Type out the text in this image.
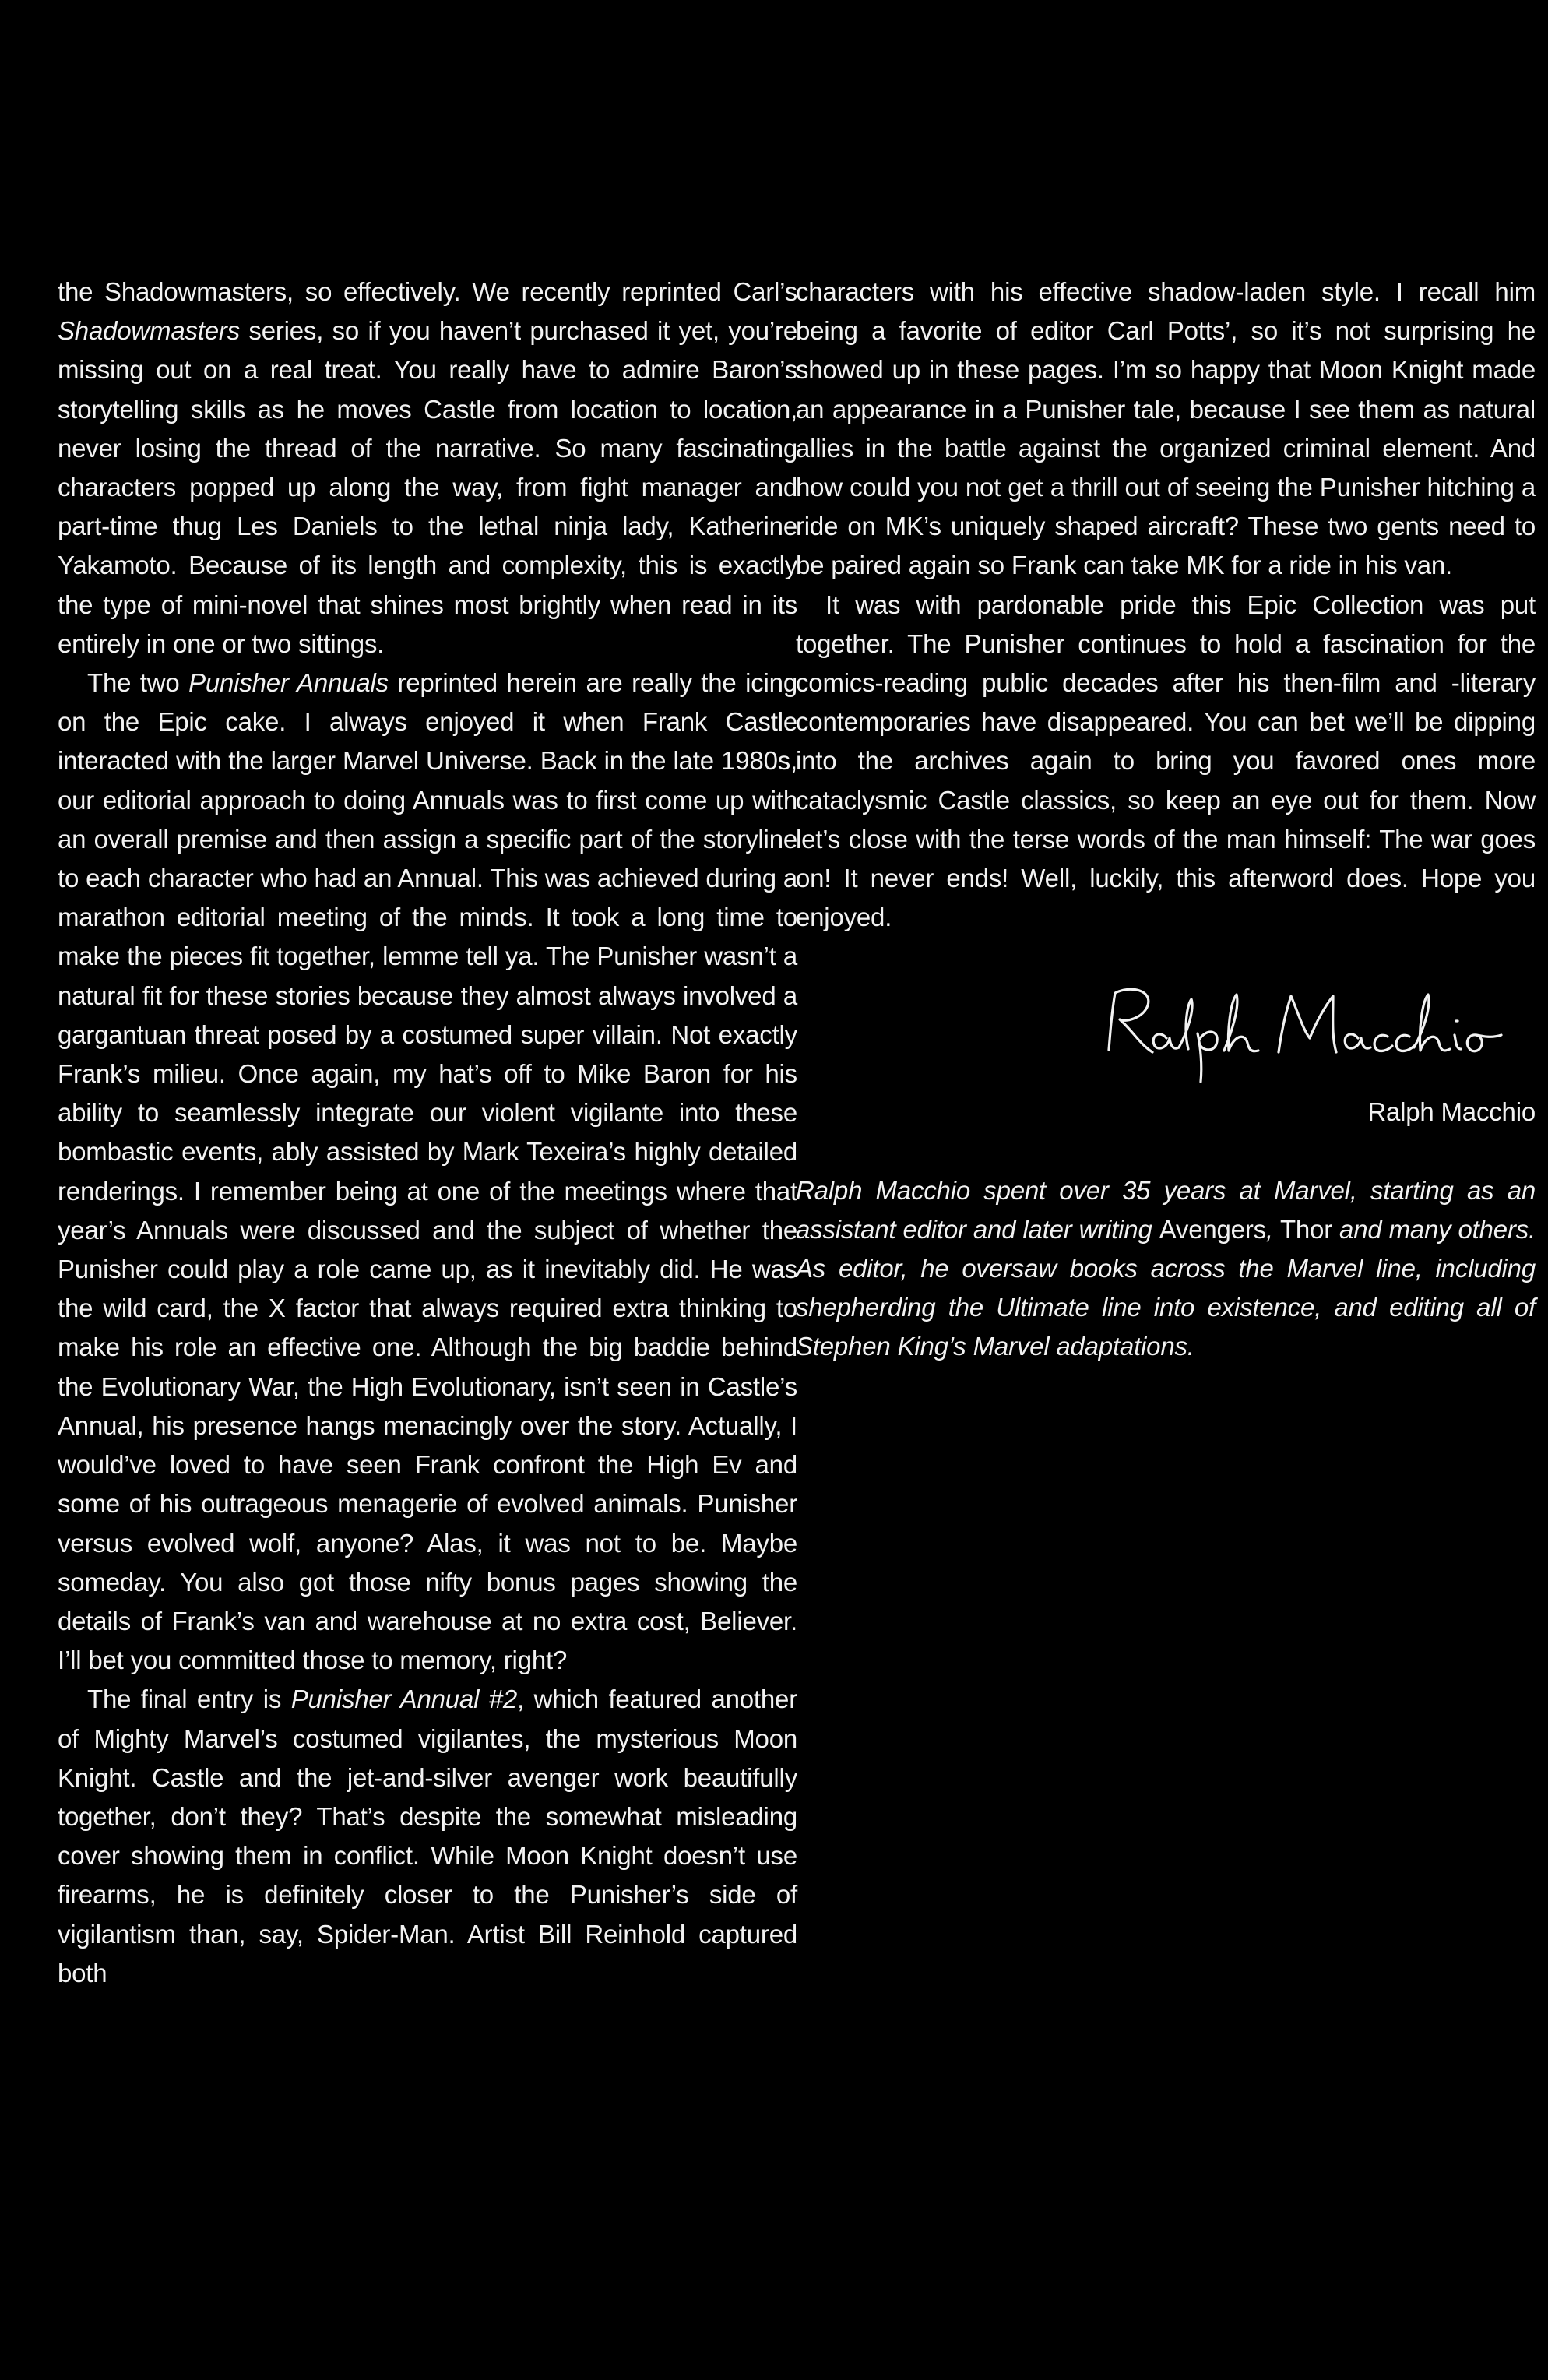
the Shadowmasters, so effectively. We recently reprinted Carl’s Shadowmasters series, so if you haven’t purchased it yet, you’re missing out on a real treat. You really have to admire Baron’s storytelling skills as he moves Castle from location to location, never losing the thread of the narrative. So many fascinating characters popped up along the way, from fight manager and part-time thug Les Daniels to the lethal ninja lady, Katherine Yakamoto. Because of its length and complexity, this is exactly the type of mini-novel that shines most brightly when read in its entirely in one or two sittings.

The two Punisher Annuals reprinted herein are really the icing on the Epic cake. I always enjoyed it when Frank Castle interacted with the larger Marvel Universe. Back in the late 1980s, our editorial approach to doing Annuals was to first come up with an overall premise and then assign a specific part of the storyline to each character who had an Annual. This was achieved during a marathon editorial meeting of the minds. It took a long time to make the pieces fit together, lemme tell ya. The Punisher wasn’t a natural fit for these stories because they almost always involved a gargantuan threat posed by a costumed super villain. Not exactly Frank’s milieu. Once again, my hat’s off to Mike Baron for his ability to seamlessly integrate our violent vigilante into these bombastic events, ably assisted by Mark Texeira’s highly detailed renderings. I remember being at one of the meetings where that year’s Annuals were discussed and the subject of whether the Punisher could play a role came up, as it inevitably did. He was the wild card, the X factor that always required extra thinking to make his role an effective one. Although the big baddie behind the Evolutionary War, the High Evolutionary, isn’t seen in Castle’s Annual, his presence hangs menacingly over the story. Actually, I would’ve loved to have seen Frank confront the High Ev and some of his outrageous menagerie of evolved animals. Punisher versus evolved wolf, anyone? Alas, it was not to be. Maybe someday. You also got those nifty bonus pages showing the details of Frank’s van and warehouse at no extra cost, Believer. I’ll bet you committed those to memory, right?

The final entry is Punisher Annual #2, which featured another of Mighty Marvel’s costumed vigilantes, the mysterious Moon Knight. Castle and the jet-and-silver avenger work beautifully together, don’t they? That’s despite the somewhat misleading cover showing them in conflict. While Moon Knight doesn’t use firearms, he is definitely closer to the Punisher’s side of vigilantism than, say, Spider-Man. Artist Bill Reinhold captured both

characters with his effective shadow-laden style. I recall him being a favorite of editor Carl Potts’, so it’s not surprising he showed up in these pages. I’m so happy that Moon Knight made an appearance in a Punisher tale, because I see them as natural allies in the battle against the organized criminal element. And how could you not get a thrill out of seeing the Punisher hitching a ride on MK’s uniquely shaped aircraft? These two gents need to be paired again so Frank can take MK for a ride in his van.

It was with pardonable pride this Epic Collection was put together. The Punisher continues to hold a fascination for the comics-reading public decades after his then-film and -literary contemporaries have disappeared. You can bet we’ll be dipping into the archives again to bring you favored ones more cataclysmic Castle classics, so keep an eye out for them. Now let’s close with the terse words of the man himself: The war goes on! It never ends! Well, luckily, this afterword does. Hope you enjoyed.

Ralph Macchio

Ralph Macchio spent over 35 years at Marvel, starting as an assistant editor and later writing Avengers, Thor and many others. As editor, he oversaw books across the Marvel line, including shepherding the Ultimate line into existence, and editing all of Stephen King’s Marvel adaptations.
